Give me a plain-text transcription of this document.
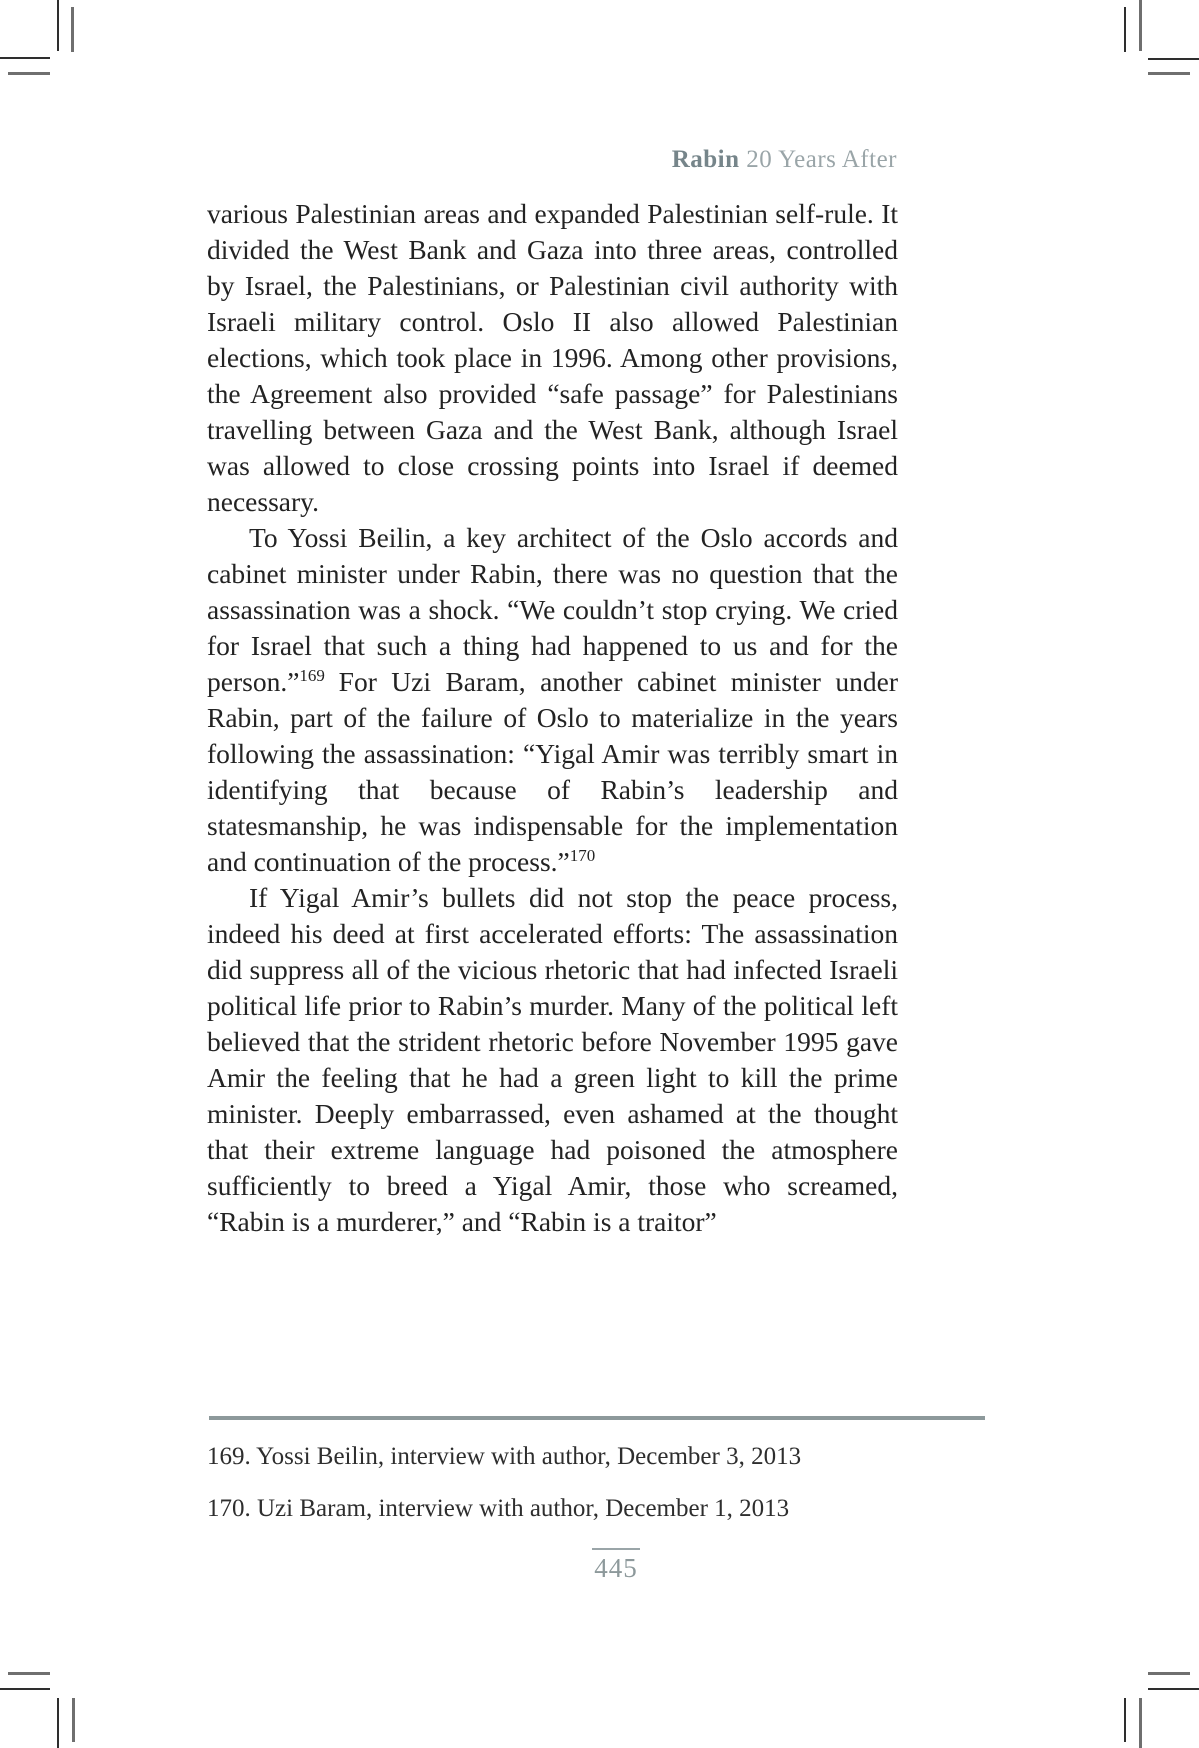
Rabin 20 Years After

various Palestinian areas and expanded Palestinian self-rule. It divided the West Bank and Gaza into three areas, controlled by Israel, the Palestinians, or Palestinian civil authority with Israeli military control. Oslo II also allowed Palestinian elections, which took place in 1996. Among other provisions, the Agreement also provided “safe passage” for Palestinians travelling between Gaza and the West Bank, although Israel was allowed to close crossing points into Israel if deemed necessary.

To Yossi Beilin, a key architect of the Oslo accords and cabinet minister under Rabin, there was no question that the assassination was a shock. “We couldn’t stop crying. We cried for Israel that such a thing had happened to us and for the person.”$^{169}$ For Uzi Baram, another cabinet minister under Rabin, part of the failure of Oslo to materialize in the years following the assassination: “Yigal Amir was terribly smart in identifying that because of Rabin’s leadership and statesmanship, he was indispensable for the implementation and continuation of the process.”$^{170}$

If Yigal Amir’s bullets did not stop the peace process, indeed his deed at first accelerated efforts: The assassination did suppress all of the vicious rhetoric that had infected Israeli political life prior to Rabin’s murder. Many of the political left believed that the strident rhetoric before November 1995 gave Amir the feeling that he had a green light to kill the prime minister. Deeply embarrassed, even ashamed at the thought that their extreme language had poisoned the atmosphere sufficiently to breed a Yigal Amir, those who screamed, “Rabin is a murderer,” and “Rabin is a traitor”

169. Yossi Beilin, interview with author, December 3, 2013
170. Uzi Baram, interview with author, December 1, 2013
445
